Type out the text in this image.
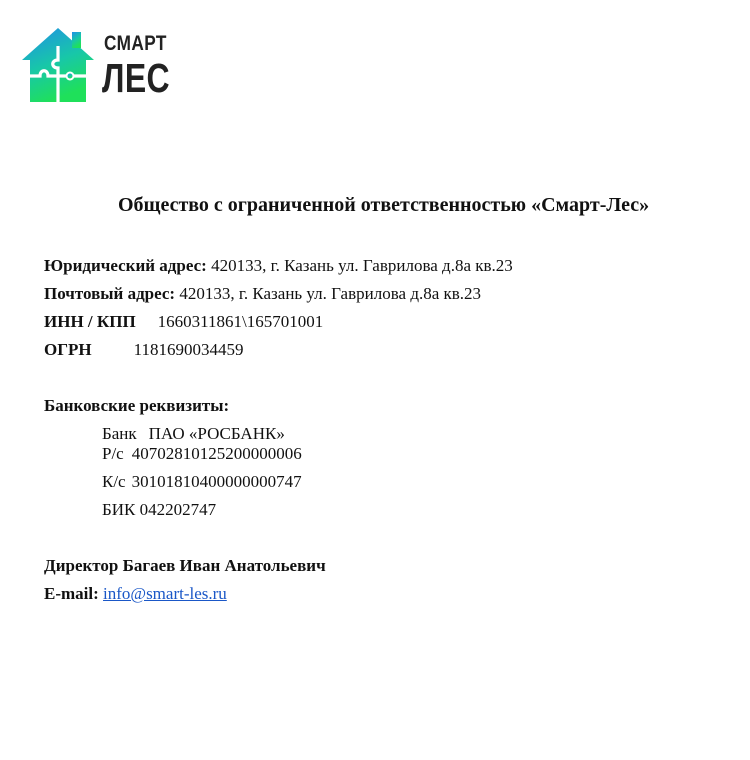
СМАРТ
ЛЕС
Общество с ограниченной ответственностью «Смарт-Лес»
Юридический адрес: 420133, г. Казань ул. Гаврилова д.8а кв.23
Почтовый адрес: 420133, г. Казань ул. Гаврилова д.8а кв.23
ИНН / КПП 1660311861\165701001
ОГРН 1181690034459
Банковские реквизиты:
Банк ПАО «РОСБАНК»
Р/с 40702810125200000006
К/с 30101810400000000747
БИК 042202747
Директор Багаев Иван Анатольевич
E-mail: info@smart-les.ru
